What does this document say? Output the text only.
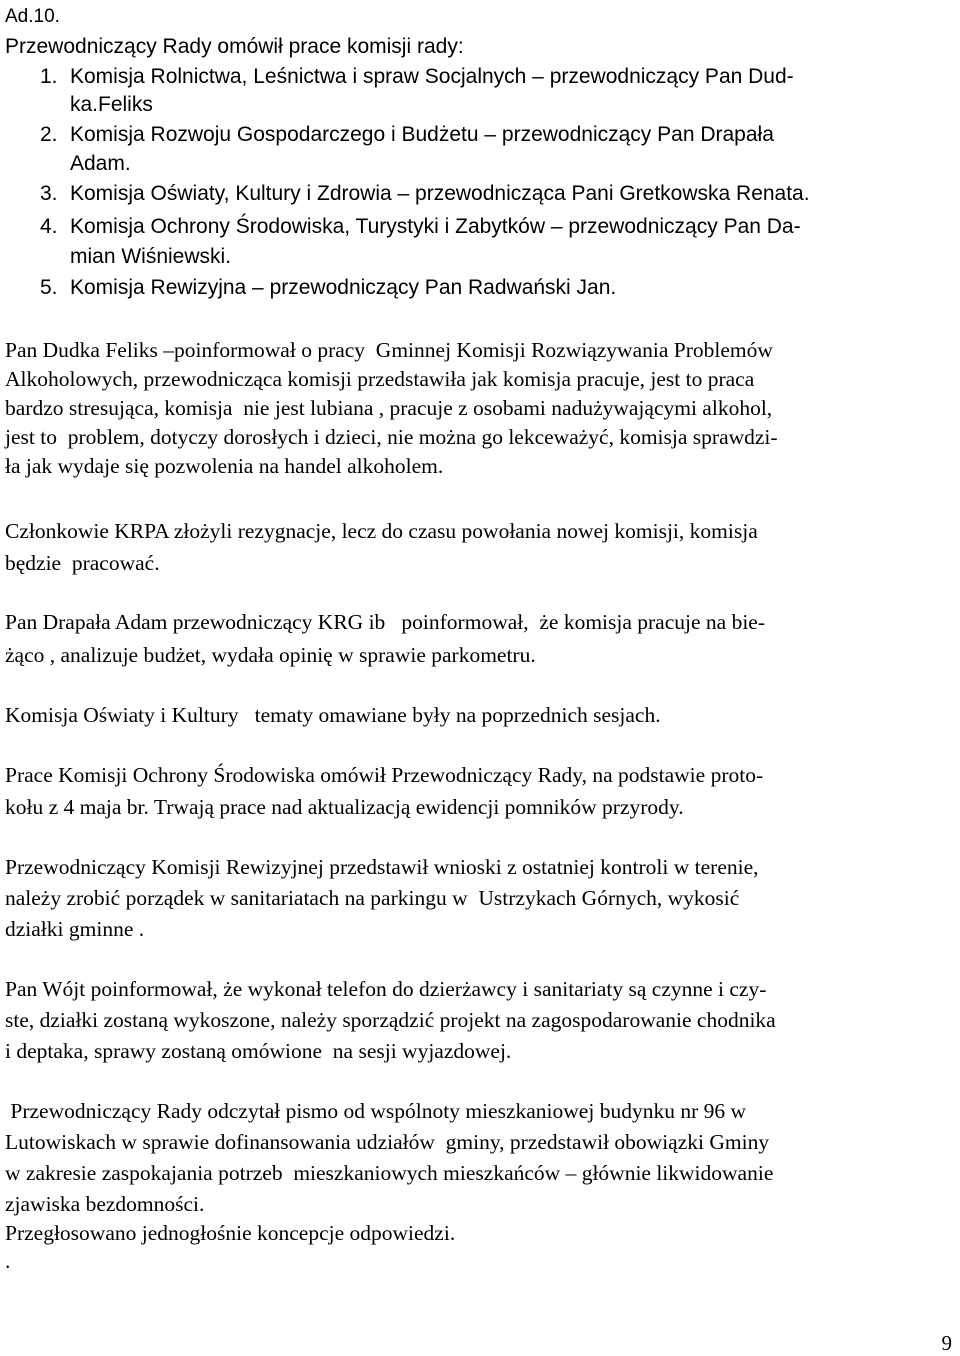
Ad.10.
Przewodniczący Rady omówił prace komisji rady:
1. Komisja Rolnictwa, Leśnictwa i spraw Socjalnych – przewodniczący Pan Dud-
ka.Feliks
2. Komisja Rozwoju Gospodarczego i Budżetu – przewodniczący Pan Drapała
Adam.
3. Komisja Oświaty, Kultury i Zdrowia – przewodnicząca Pani Gretkowska Renata.
4. Komisja Ochrony Środowiska, Turystyki i Zabytków – przewodniczący Pan Da-
mian Wiśniewski.
5. Komisja Rewizyjna – przewodniczący Pan Radwański Jan.
Pan Dudka Feliks –poinformował o pracy  Gminnej Komisji Rozwiązywania Problemów
Alkoholowych, przewodnicząca komisji przedstawiła jak komisja pracuje, jest to praca
bardzo stresująca, komisja  nie jest lubiana , pracuje z osobami nadużywającymi alkohol,
jest to  problem, dotyczy dorosłych i dzieci, nie można go lekceważyć, komisja sprawdzi-
ła jak wydaje się pozwolenia na handel alkoholem.
Członkowie KRPA złożyli rezygnacje, lecz do czasu powołania nowej komisji, komisja
będzie  pracować.
Pan Drapała Adam przewodniczący KRG ib   poinformował,  że komisja pracuje na bie-
żąco , analizuje budżet, wydała opinię w sprawie parkometru.
Komisja Oświaty i Kultury   tematy omawiane były na poprzednich sesjach.
Prace Komisji Ochrony Środowiska omówił Przewodniczący Rady, na podstawie proto-
kołu z 4 maja br. Trwają prace nad aktualizacją ewidencji pomników przyrody.
Przewodniczący Komisji Rewizyjnej przedstawił wnioski z ostatniej kontroli w terenie,
należy zrobić porządek w sanitariatach na parkingu w  Ustrzykach Górnych, wykosić
działki gminne .
Pan Wójt poinformował, że wykonał telefon do dzierżawcy i sanitariaty są czynne i czy-
ste, działki zostaną wykoszone, należy sporządzić projekt na zagospodarowanie chodnika
i deptaka, sprawy zostaną omówione  na sesji wyjazdowej.
Przewodniczący Rady odczytał pismo od wspólnoty mieszkaniowej budynku nr 96 w
Lutowiskach w sprawie dofinansowania udziałów  gminy, przedstawił obowiązki Gminy
w zakresie zaspokajania potrzeb  mieszkaniowych mieszkańców – głównie likwidowanie
zjawiska bezdomności.
Przegłosowano jednogłośnie koncepcje odpowiedzi.
.
9
